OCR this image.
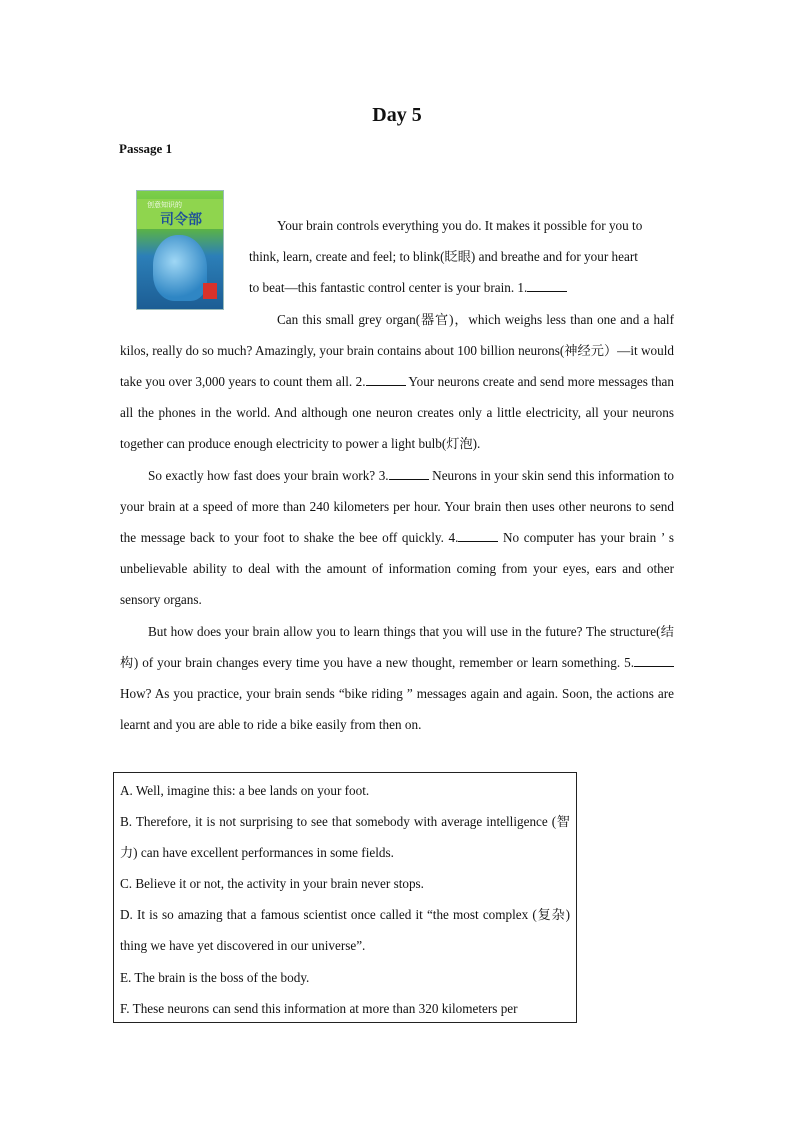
Day 5
Passage 1
创意知识的
司令部	Your brain controls everything you do. It makes it possible for you to

think, learn, create and feel; to blink(眨眼) and breathe and for your heart

to beat—this fantastic control center is your brain. 1.

Can this small grey organ(器官)，which weighs less than one and a half kilos, really do so much? Amazingly, your brain contains about 100 billion neurons(神经元）—it would take you over 3,000 years to count them all. 2.	Your neurons create and send more messages than all the phones in the world. And although one neuron creates only a little electricity, all your neurons together can produce enough electricity to power a light bulb(灯泡).

So exactly how fast does your brain work? 3.	Neurons in your skin send this information to your brain at a speed of more than 240 kilometers per hour. Your brain then uses other neurons to send the message back to your foot to shake the bee off quickly. 4.	No computer has your brain ’ s unbelievable ability to deal with the amount of information coming from your eyes, ears and other sensory organs.

But how does your brain allow you to learn things that you will use in the future? The structure(结构) of your brain changes every time you have a new thought, remember or learn something. 5. How? As you practice, your brain sends “bike riding ” messages again and again. Soon, the actions are learnt and you are able to ride a bike easily from then on.

A. Well, imagine this: a bee lands on your foot.

B. Therefore, it is not surprising to see that somebody with average intelligence (智力) can have excellent performances in some fields.

C. Believe it or not, the activity in your brain never stops.

D. It is so amazing that a famous scientist once called it “the most complex (复杂) thing we have yet discovered in our universe”.

E. The brain is the boss of the body.

F. These neurons can send this information at more than 320 kilometers per
